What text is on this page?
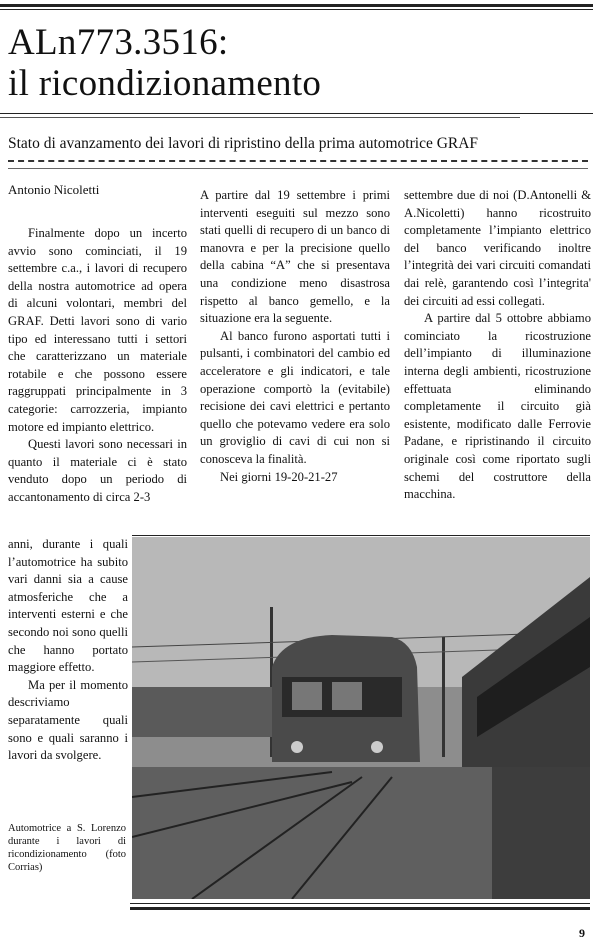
ALn773.3516:
il ricondizionamento
Stato di avanzamento dei lavori di ripristino della prima automotrice GRAF
Antonio Nicoletti

Finalmente dopo un incerto avvio sono cominciati, il 19 settembre c.a., i lavori di recupero della nostra automotrice ad opera di alcuni volontari, membri del GRAF. Detti lavori sono di vario tipo ed interessano tutti i settori che caratterizzano un materiale rotabile e che possono essere raggruppati principalmente in 3 categorie: carrozzeria, impianto motore ed impianto elettrico.

Questi lavori sono necessari in quanto il materiale ci è stato venduto dopo un periodo di accantonamento di circa 2-3

anni, durante i quali l’automotrice ha subito vari danni sia a cause atmosferiche che a interventi esterni e che secondo noi sono quelli che hanno portato maggiore effetto.

Ma per il momento descriviamo separatamente quali sono e quali saranno i lavori da svolgere.

A partire dal 19 settembre i primi interventi eseguiti sul mezzo sono stati quelli di recupero di un banco di manovra e per la precisione quello della cabina “A” che si presentava una condizione meno disastrosa rispetto al banco gemello, e la situazione era la seguente.

Al banco furono asportati tutti i pulsanti, i combinatori del cambio ed acceleratore e gli indicatori, e tale operazione comportò la (evitabile) recisione dei cavi elettrici e pertanto quello che potevamo vedere era solo un groviglio di cavi di cui non si conosceva la finalità.

Nei giorni 19-20-21-27

settembre due di noi (D.Antonelli & A.Nicoletti) hanno ricostruito completamente l’impianto elettrico del banco verificando inoltre l’integrità dei vari circuiti comandati dai relè, garantendo così l’integrita' dei circuiti ad essi collegati.

A partire dal 5 ottobre abbiamo cominciato la ricostruzione dell’impianto di illuminazione interna degli ambienti, ricostruzione effettuata eliminando completamente il circuito già esistente, modificato dalle Ferrovie Padane, e ripristinando il circuito originale così come riportato sugli schemi del costruttore della macchina.

Automotrice a S. Lorenzo durante i lavori di ricondizionamento (foto Corrias)
9
